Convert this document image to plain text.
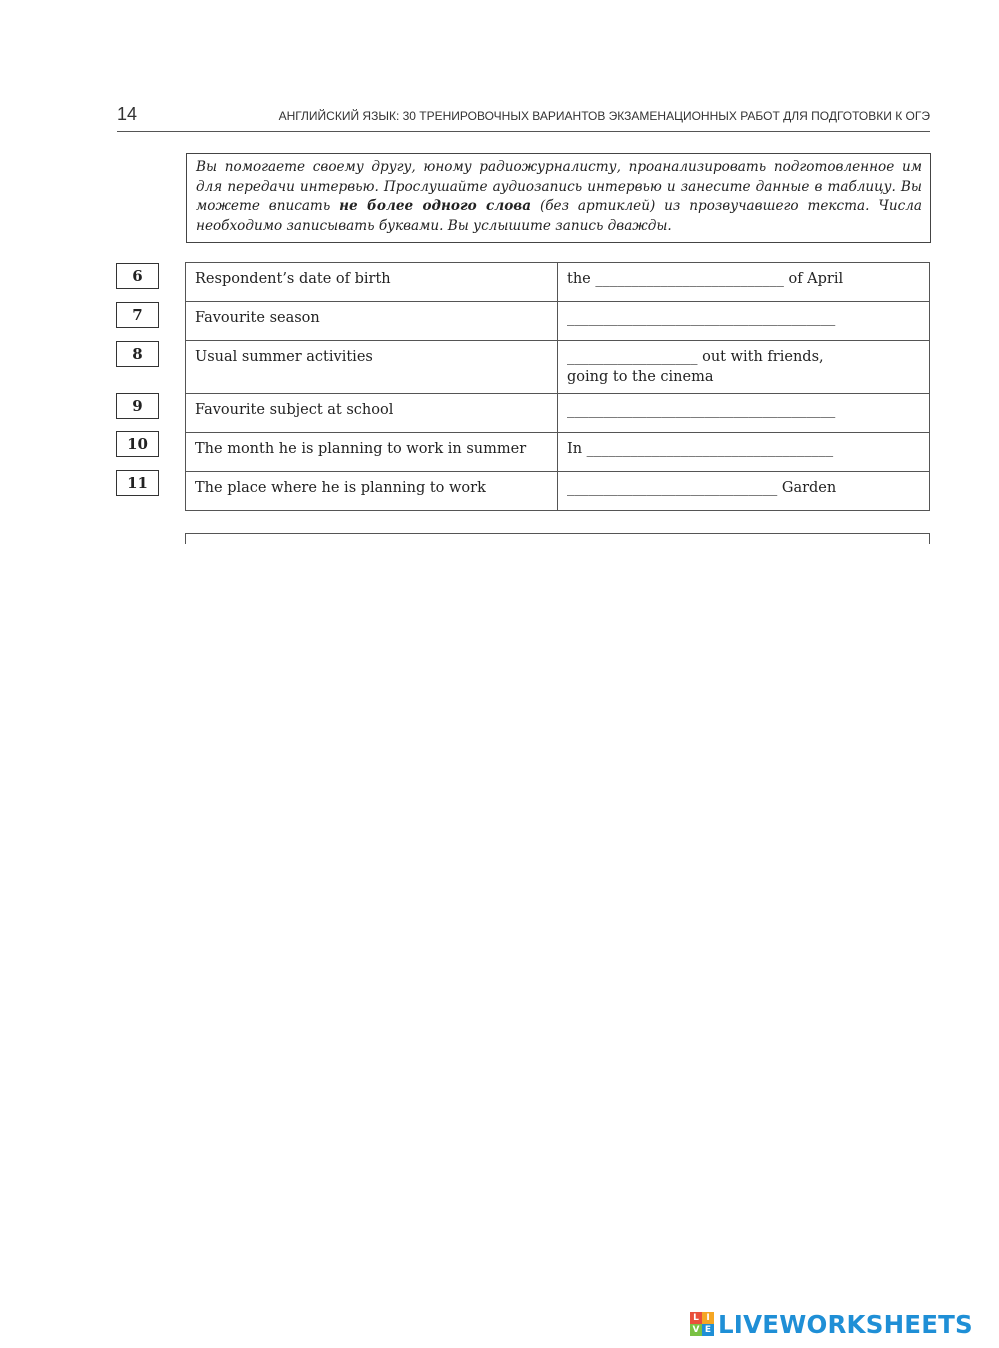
14	АНГЛИЙСКИЙ ЯЗЫК: 30 ТРЕНИРОВОЧНЫХ ВАРИАНТОВ ЭКЗАМЕНАЦИОННЫХ РАБОТ ДЛЯ ПОДГОТОВКИ К ОГЭ
Вы помогаете своему другу, юному радиожурналисту, проанализировать подготовленное им для передачи интервью. Прослушайте аудиозапись интервью и занесите данные в таблицу. Вы можете вписать не более одного слова (без артиклей) из прозвучавшего текста. Числа необходимо записывать буквами. Вы услышите запись дважды.
6
7
8
9
10
11
Respondent’s date of birth	the __________________________ of April
Favourite season	_____________________________________
Usual summer activities	__________________ out with friends,
going to the cinema

Favourite subject at school	_____________________________________
The month he is planning to work in summer	In __________________________________
The place where he is planning to work	_____________________________ Garden
L I
V E LIVEWORKSHEETS
